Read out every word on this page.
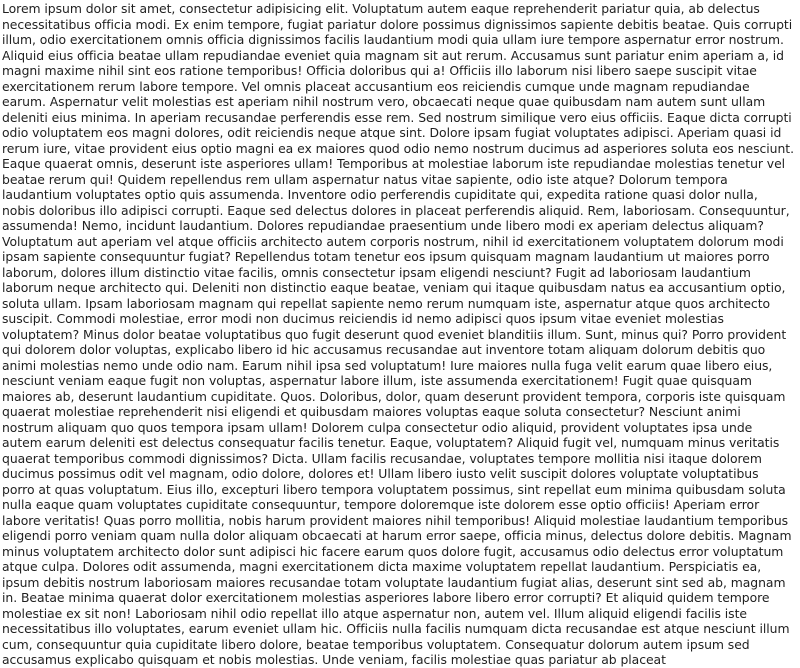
Lorem ipsum dolor sit amet, consectetur adipisicing elit. Voluptatum autem eaque reprehenderit pariatur quia, ab delectus necessitatibus officia modi. Ex enim tempore, fugiat pariatur dolore possimus dignissimos sapiente debitis beatae. Quis corrupti illum, odio exercitationem omnis officia dignissimos facilis laudantium modi quia ullam iure tempore aspernatur error nostrum. Aliquid eius officia beatae ullam repudiandae eveniet quia magnam sit aut rerum. Accusamus sunt pariatur enim aperiam a, id magni maxime nihil sint eos ratione temporibus! Officia doloribus qui a! Officiis illo laborum nisi libero saepe suscipit vitae exercitationem rerum labore tempore. Vel omnis placeat accusantium eos reiciendis cumque unde magnam repudiandae earum. Aspernatur velit molestias est aperiam nihil nostrum vero, obcaecati neque quae quibusdam nam autem sunt ullam deleniti eius minima. In aperiam recusandae perferendis esse rem. Sed nostrum similique vero eius officiis. Eaque dicta corrupti odio voluptatem eos magni dolores, odit reiciendis neque atque sint. Dolore ipsam fugiat voluptates adipisci. Aperiam quasi id rerum iure, vitae provident eius optio magni ea ex maiores quod odio nemo nostrum ducimus ad asperiores soluta eos nesciunt. Eaque quaerat omnis, deserunt iste asperiores ullam! Temporibus at molestiae laborum iste repudiandae molestias tenetur vel beatae rerum qui! Quidem repellendus rem ullam aspernatur natus vitae sapiente, odio iste atque? Dolorum tempora laudantium voluptates optio quis assumenda. Inventore odio perferendis cupiditate qui, expedita ratione quasi dolor nulla, nobis doloribus illo adipisci corrupti. Eaque sed delectus dolores in placeat perferendis aliquid. Rem, laboriosam. Consequuntur, assumenda! Nemo, incidunt laudantium. Dolores repudiandae praesentium unde libero modi ex aperiam delectus aliquam? Voluptatum aut aperiam vel atque officiis architecto autem corporis nostrum, nihil id exercitationem voluptatem dolorum modi ipsam sapiente consequuntur fugiat? Repellendus totam tenetur eos ipsum quisquam magnam laudantium ut maiores porro laborum, dolores illum distinctio vitae facilis, omnis consectetur ipsam eligendi nesciunt? Fugit ad laboriosam laudantium laborum neque architecto qui. Deleniti non distinctio eaque beatae, veniam qui itaque quibusdam natus ea accusantium optio, soluta ullam. Ipsam laboriosam magnam qui repellat sapiente nemo rerum numquam iste, aspernatur atque quos architecto suscipit. Commodi molestiae, error modi non ducimus reiciendis id nemo adipisci quos ipsum vitae eveniet molestias voluptatem? Minus dolor beatae voluptatibus quo fugit deserunt quod eveniet blanditiis illum. Sunt, minus qui? Porro provident qui dolorem dolor voluptas, explicabo libero id hic accusamus recusandae aut inventore totam aliquam dolorum debitis quo animi molestias nemo unde odio nam. Earum nihil ipsa sed voluptatum! Iure maiores nulla fuga velit earum quae libero eius, nesciunt veniam eaque fugit non voluptas, aspernatur labore illum, iste assumenda exercitationem! Fugit quae quisquam maiores ab, deserunt laudantium cupiditate. Quos. Doloribus, dolor, quam deserunt provident tempora, corporis iste quisquam quaerat molestiae reprehenderit nisi eligendi et quibusdam maiores voluptas eaque soluta consectetur? Nesciunt animi nostrum aliquam quo quos tempora ipsam ullam! Dolorem culpa consectetur odio aliquid, provident voluptates ipsa unde autem earum deleniti est delectus consequatur facilis tenetur. Eaque, voluptatem? Aliquid fugit vel, numquam minus veritatis quaerat temporibus commodi dignissimos? Dicta. Ullam facilis recusandae, voluptates tempore mollitia nisi itaque dolorem ducimus possimus odit vel magnam, odio dolore, dolores et! Ullam libero iusto velit suscipit dolores voluptate voluptatibus porro at quas voluptatum. Eius illo, excepturi libero tempora voluptatem possimus, sint repellat eum minima quibusdam soluta nulla eaque quam voluptates cupiditate consequuntur, tempore doloremque iste dolorem esse optio officiis! Aperiam error labore veritatis! Quas porro mollitia, nobis harum provident maiores nihil temporibus! Aliquid molestiae laudantium temporibus eligendi porro veniam quam nulla dolor aliquam obcaecati at harum error saepe, officia minus, delectus dolore debitis. Magnam minus voluptatem architecto dolor sunt adipisci hic facere earum quos dolore fugit, accusamus odio delectus error voluptatum atque culpa. Dolores odit assumenda, magni exercitationem dicta maxime voluptatem repellat laudantium. Perspiciatis ea, ipsum debitis nostrum laboriosam maiores recusandae totam voluptate laudantium fugiat alias, deserunt sint sed ab, magnam in. Beatae minima quaerat dolor exercitationem molestias asperiores labore libero error corrupti? Et aliquid quidem tempore molestiae ex sit non! Laboriosam nihil odio repellat illo atque aspernatur non, autem vel. Illum aliquid eligendi facilis iste necessitatibus illo voluptates, earum eveniet ullam hic. Officiis nulla facilis numquam dicta recusandae est atque nesciunt illum cum, consequuntur quia cupiditate libero dolore, beatae temporibus voluptatem. Consequatur dolorum autem ipsum sed accusamus explicabo quisquam et nobis molestias. Unde veniam, facilis molestiae quas pariatur ab placeat
